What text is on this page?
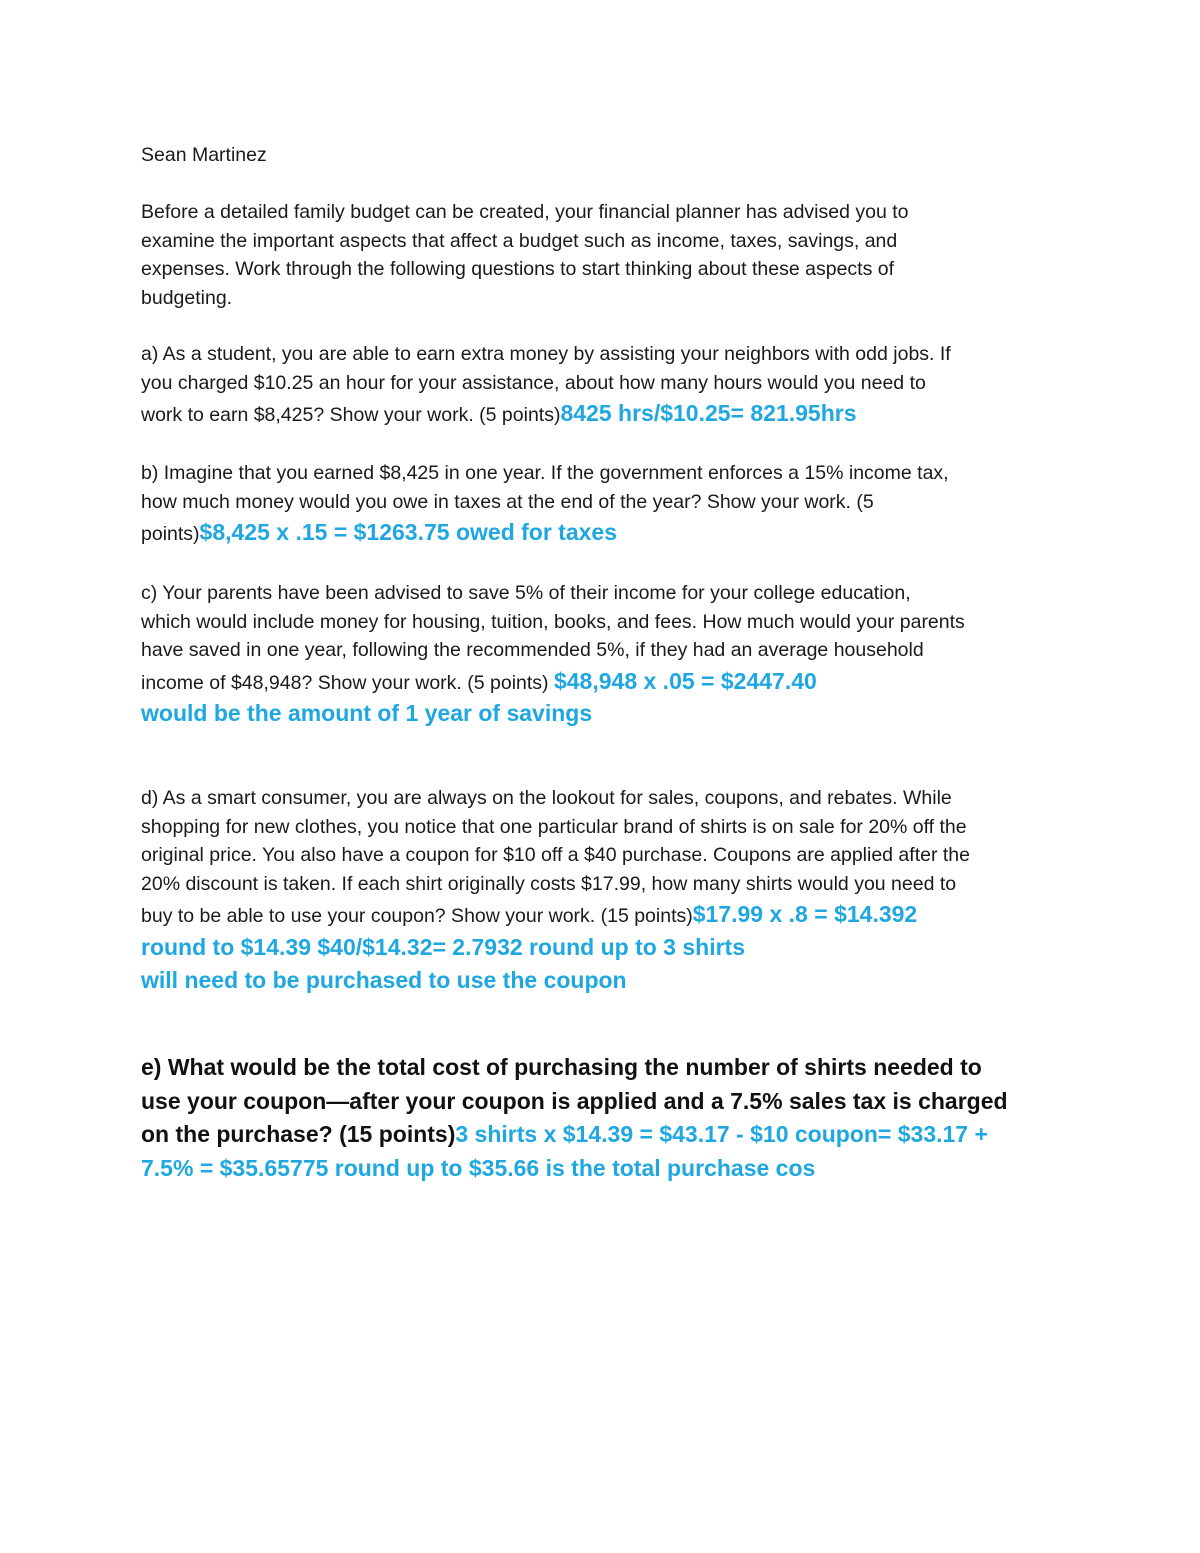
Sean Martinez
Before a detailed family budget can be created, your financial planner has advised you to
examine the important aspects that affect a budget such as income, taxes, savings, and
expenses. Work through the following questions to start thinking about these aspects of
budgeting.
a) As a student, you are able to earn extra money by assisting your neighbors with odd jobs. If
you charged $10.25 an hour for your assistance, about how many hours would you need to
work to earn $8,425? Show your work. (5 points)8425 hrs/$10.25= 821.95hrs
b) Imagine that you earned $8,425 in one year. If the government enforces a 15% income tax,
how much money would you owe in taxes at the end of the year? Show your work. (5
points)$8,425 x .15 = $1263.75 owed for taxes
c) Your parents have been advised to save 5% of their income for your college education,
which would include money for housing, tuition, books, and fees. How much would your parents
have saved in one year, following the recommended 5%, if they had an average household
income of $48,948? Show your work. (5 points) $48,948 x .05 = $2447.40
would be the amount of 1 year of savings
d) As a smart consumer, you are always on the lookout for sales, coupons, and rebates. While
shopping for new clothes, you notice that one particular brand of shirts is on sale for 20% off the
original price. You also have a coupon for $10 off a $40 purchase. Coupons are applied after the
20% discount is taken. If each shirt originally costs $17.99, how many shirts would you need to
buy to be able to use your coupon? Show your work. (15 points)$17.99 x .8 = $14.392
round to $14.39 $40/$14.32= 2.7932 round up to 3 shirts
will need to be purchased to use the coupon
e) What would be the total cost of purchasing the number of shirts needed to
use your coupon—after your coupon is applied and a 7.5% sales tax is charged
on the purchase? (15 points)3 shirts x $14.39 = $43.17 - $10 coupon= $33.17 +
7.5% = $35.65775 round up to $35.66 is the total purchase cos
